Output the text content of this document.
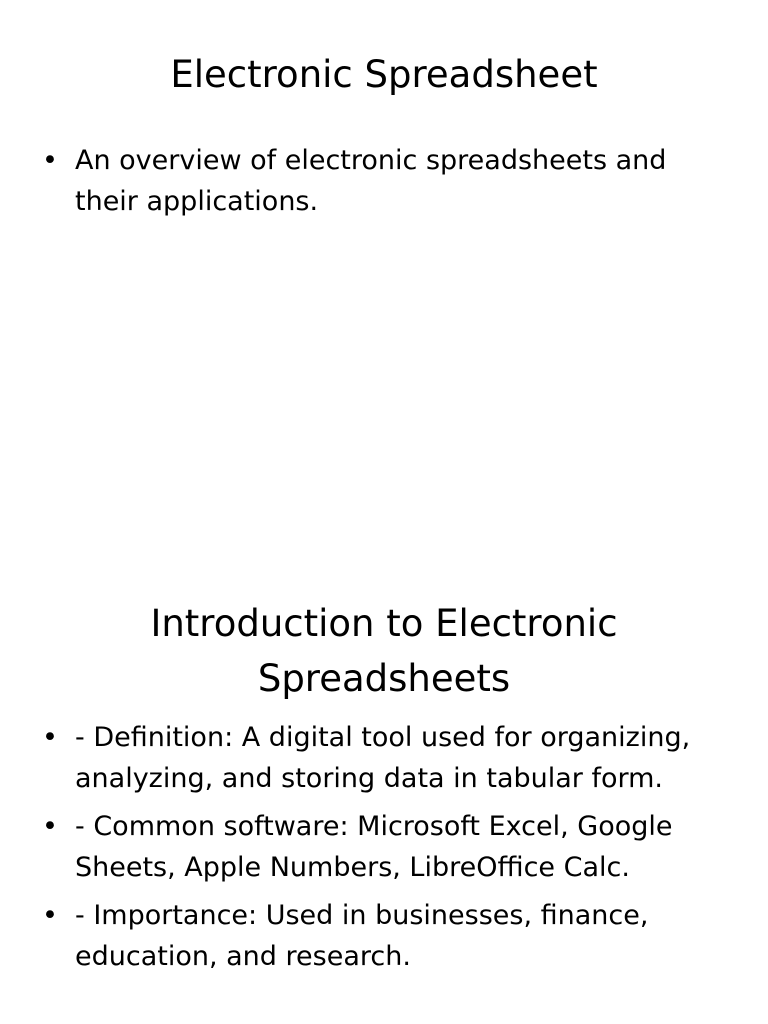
Electronic Spreadsheet
• An overview of electronic spreadsheets and their applications.
Introduction to Electronic Spreadsheets
• - Definition: A digital tool used for organizing, analyzing, and storing data in tabular form.
• - Common software: Microsoft Excel, Google Sheets, Apple Numbers, LibreOffice Calc.
• - Importance: Used in businesses, finance, education, and research.
